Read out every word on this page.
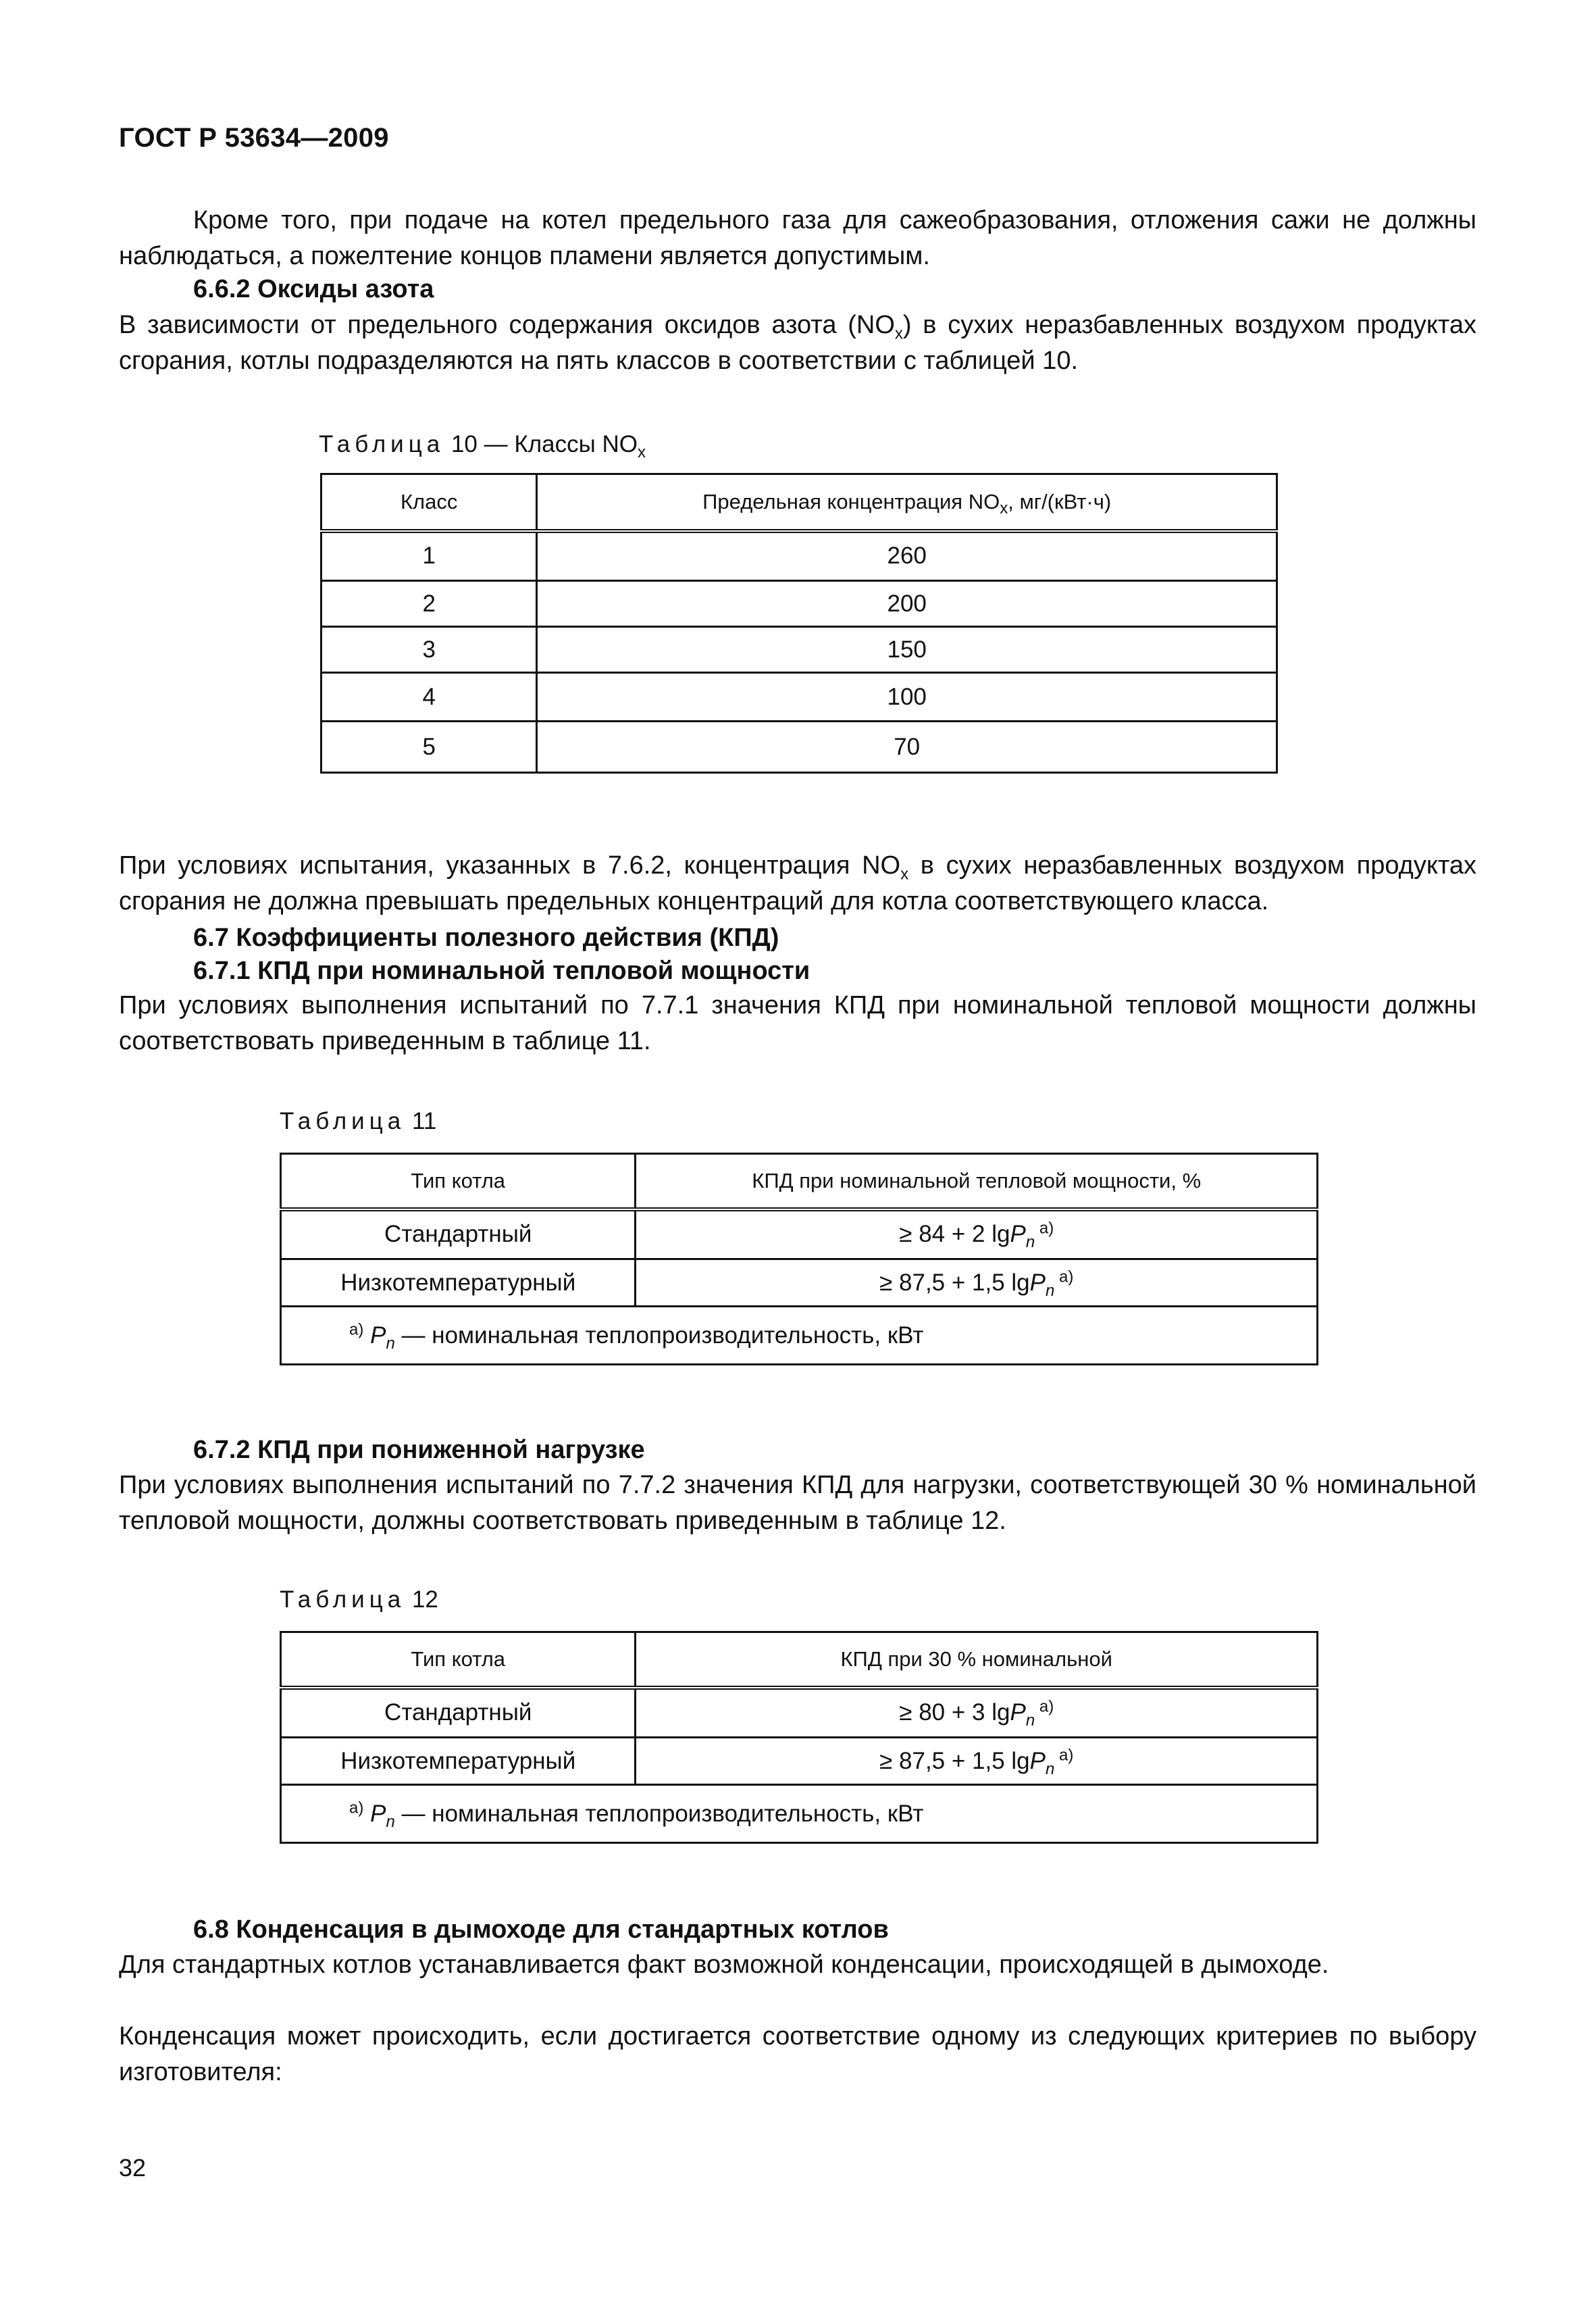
ГОСТ Р 53634—2009
Кроме того, при подаче на котел предельного газа для сажеобразования, отложения сажи не должны
наблюдаться, а пожелтение концов пламени является допустимым.
6.6.2 Оксиды азота
В зависимости от предельного содержания оксидов азота $(NO_x)$ в сухих неразбавленных воздухом продуктах сгорания, котлы подразделяются на пять классов в соответствии с таблицей 10.
Таблица 10 — Классы $NO_x$
Класс	Предельная концентрация $NO_x$, мг/(кВт·ч)
1	260
2	200
3	150
4	100
5	70
При условиях испытания, указанных в 7.6.2, концентрация $NO_x$ в сухих неразбавленных воздухом продуктах сгорания не должна превышать предельных концентраций для котла соответствующего класса.
6.7 Коэффициенты полезного действия (КПД)
6.7.1 КПД при номинальной тепловой мощности
При условиях выполнения испытаний по 7.7.1 значения КПД при номинальной тепловой мощности должны соответствовать приведенным в таблице 11.
Таблица 11
Тип котла	КПД при номинальной тепловой мощности, %
Стандартный	≥ 84 + 2 lgP$_n$ $^{а)}$
Низкотемпературный	≥ 87,5 + 1,5 lgP$_n$ $^{а)}$
$^{а)}$ $P_n$ — номинальная теплопроизводительность, кВт	
6.7.2 КПД при пониженной нагрузке
При условиях выполнения испытаний по 7.7.2 значения КПД для нагрузки, соответствующей 30 % номинальной тепловой мощности, должны соответствовать приведенным в таблице 12.
Таблица 12
Тип котла	КПД при 30 % номинальной
Стандартный	≥ 80 + 3 lgP$_n$ $^{а)}$
Низкотемпературный	≥ 87,5 + 1,5 lgP$_n$ $^{а)}$
$^{а)}$ $P_n$ — номинальная теплопроизводительность, кВт	
6.8 Конденсация в дымоходе для стандартных котлов
Для стандартных котлов устанавливается факт возможной конденсации, происходящей в дымоходе.
Конденсация может происходить, если достигается соответствие одному из следующих критериев по выбору изготовителя:
32
